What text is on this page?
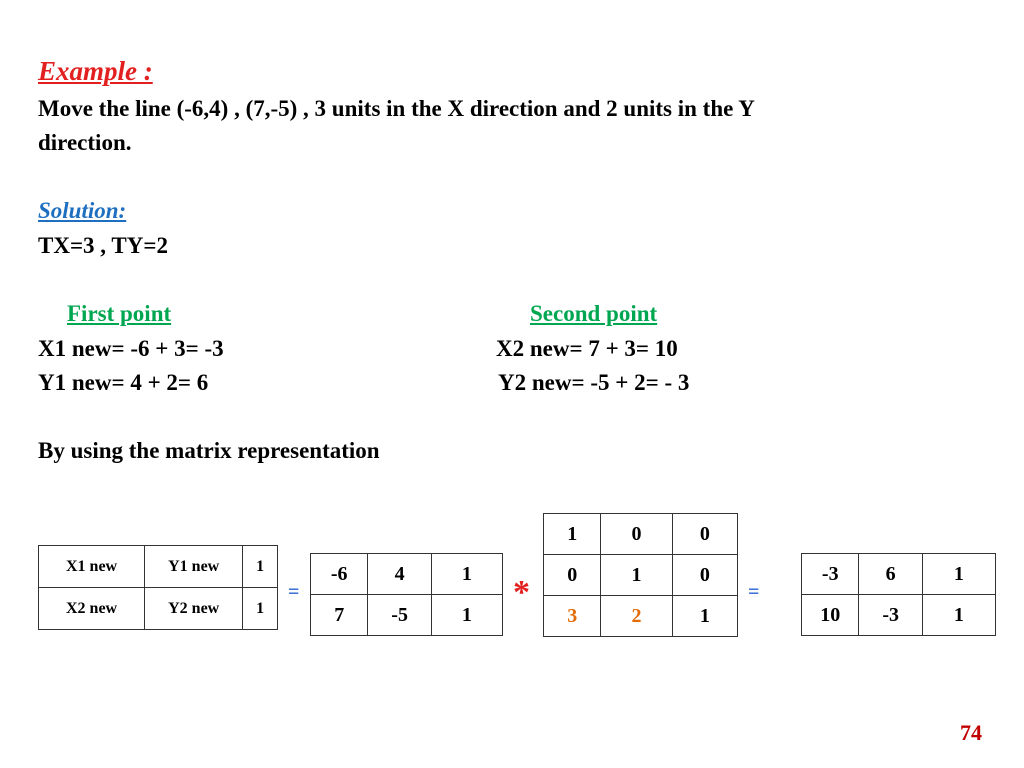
Example :
Move the line (-6,4) , (7,-5) , 3 units in the X direction and 2 units in the Y
direction.
Solution:
TX=3 , TY=2
First point	Second point
X1 new= -6 + 3= -3	X2 new= 7 + 3= 10
Y1 new= 4 + 2= 6	Y2 new= -5 + 2= - 3
By using the matrix representation
X1 new	Y1 new	1
X2 new	Y2 new	1
=
-6	4	1
7	-5	1
*
1	0	0
0	1	0
3	2	1
=
-3	6	1
10	-3	1
74
